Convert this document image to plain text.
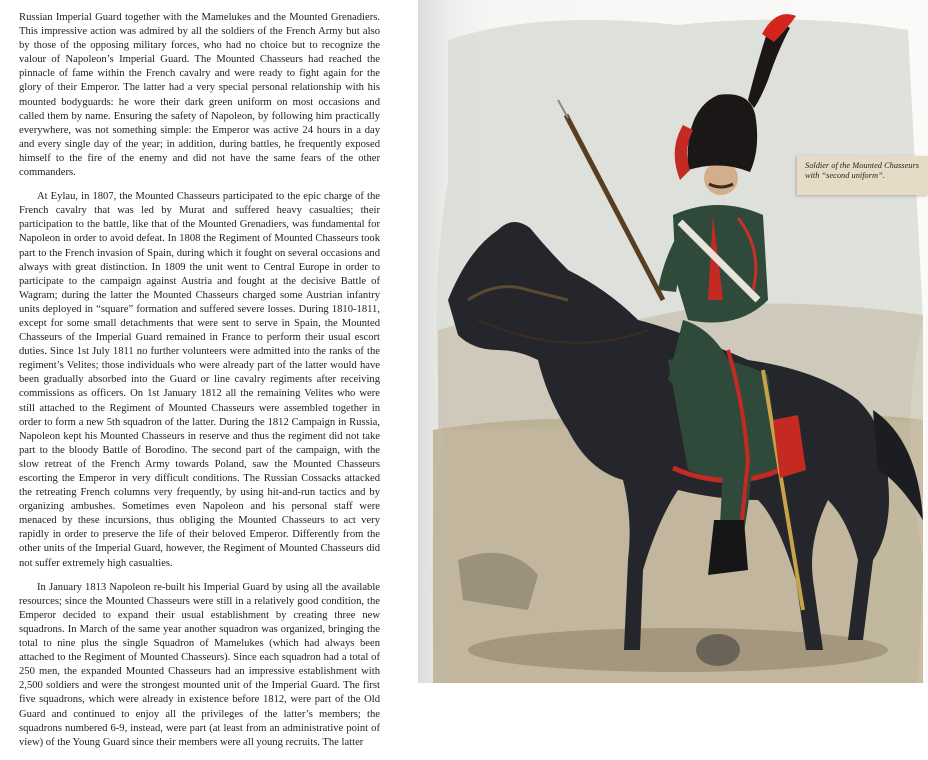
Russian Imperial Guard together with the Mamelukes and the Mounted Grenadiers. This impressive action was admired by all the soldiers of the French Army but also by those of the opposing military forces, who had no choice but to recognize the valour of Napoleon’s Imperial Guard. The Mounted Chasseurs had reached the pinnacle of fame within the French cavalry and were ready to fight again for the glory of their Emperor. The latter had a very special personal relationship with his mounted bodyguards: he wore their dark green uniform on most occasions and called them by name. Ensuring the safety of Napoleon, by following him practically everywhere, was not something simple: the Emperor was active 24 hours in a day and every single day of the year; in addition, during battles, he frequently exposed himself to the fire of the enemy and did not have the same fears of the other commanders.

At Eylau, in 1807, the Mounted Chasseurs participated to the epic charge of the French cavalry that was led by Murat and suffered heavy casualties; their participation to the battle, like that of the Mounted Grenadiers, was fundamental for Napoleon in order to avoid defeat. In 1808 the Regiment of Mounted Chasseurs took part to the French invasion of Spain, during which it fought on several occasions and always with great distinction. In 1809 the unit went to Central Europe in order to participate to the campaign against Austria and fought at the decisive Battle of Wagram; during the latter the Mounted Chasseurs charged some Austrian infantry units deployed in “square” formation and suffered severe losses. During 1810-1811, except for some small detachments that were sent to serve in Spain, the Mounted Chasseurs of the Imperial Guard remained in France to perform their usual escort duties. Since 1st July 1811 no further volunteers were admitted into the ranks of the regiment’s Velites; those individuals who were already part of the latter would have been gradually absorbed into the Guard or line cavalry regiments after receiving commissions as officers. On 1st January 1812 all the remaining Velites who were still attached to the Regiment of Mounted Chasseurs were assembled together in order to form a new 5th squadron of the latter. During the 1812 Campaign in Russia, Napoleon kept his Mounted Chasseurs in reserve and thus the regiment did not take part to the bloody Battle of Borodino. The second part of the campaign, with the slow retreat of the French Army towards Poland, saw the Mounted Chasseurs escorting the Emperor in very difficult conditions. The Russian Cossacks attacked the retreating French columns very frequently, by using hit-and-run tactics and by organizing ambushes. Sometimes even Napoleon and his personal staff were menaced by these incursions, thus obliging the Mounted Chasseurs to act very rapidly in order to preserve the life of their beloved Emperor. Differently from the other units of the Imperial Guard, however, the Regiment of Mounted Chasseurs did not suffer extremely high casualties.

In January 1813 Napoleon re-built his Imperial Guard by using all the available resources; since the Mounted Chasseurs were still in a relatively good condition, the Emperor decided to expand their usual establishment by creating three new squadrons. In March of the same year another squadron was organized, bringing the total to nine plus the single Squadron of Mamelukes (which had always been attached to the Regiment of Mounted Chasseurs). Since each squadron had a total of 250 men, the expanded Mounted Chasseurs had an impressive establishment with 2,500 soldiers and were the strongest mounted unit of the Imperial Guard. The first five squadrons, which were already in existence before 1812, were part of the Old Guard and continued to enjoy all the privileges of the latter’s members; the squadrons numbered 6-9, instead, were part (at least from an administrative point of view) of the Young Guard since their members were all young recruits. The latter

Soldier of the Mounted Chasseurs with “second uniform”.
